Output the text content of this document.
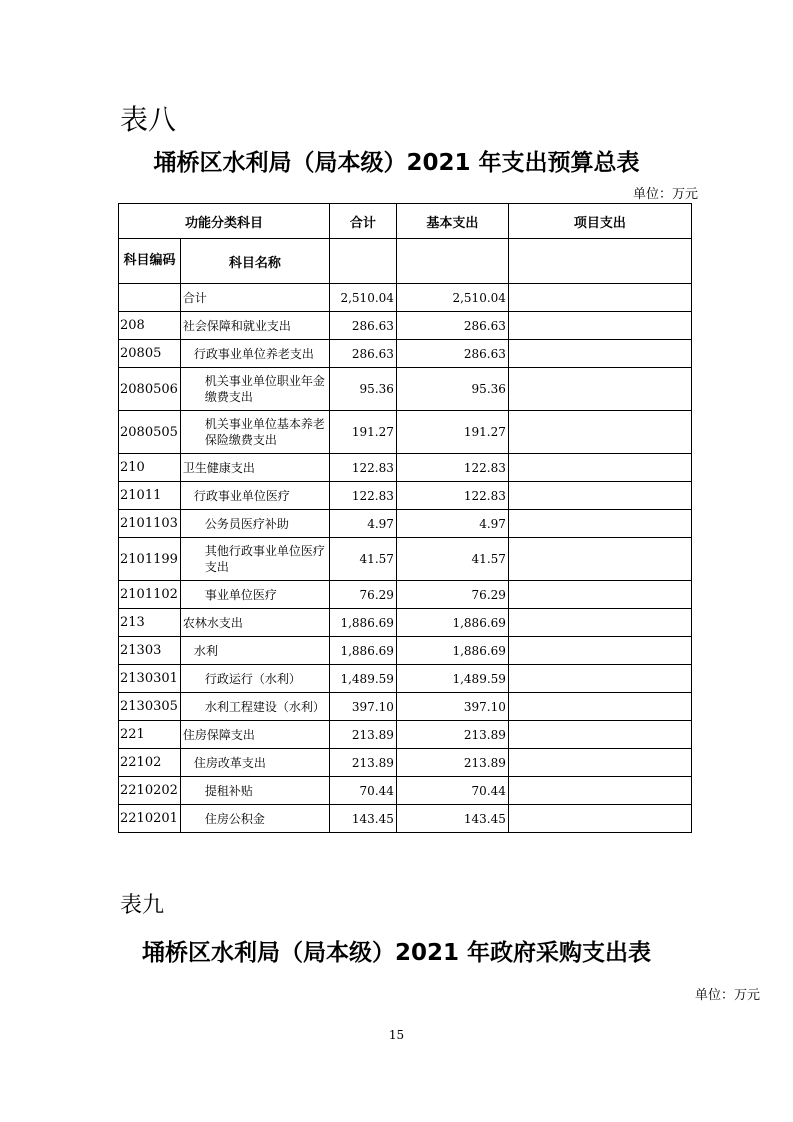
表八
埇桥区水利局（局本级）2021 年支出预算总表
单位：万元
功能分类科目		合计	基本支出	项目支出
科目编码	科目名称			
	合计	2,510.04	2,510.04	
208	社会保障和就业支出	286.63	286.63	
20805	行政事业单位养老支出	286.63	286.63	
2080506	机关事业单位职业年金缴费支出	95.36	95.36	
2080505	机关事业单位基本养老保险缴费支出	191.27	191.27	
210	卫生健康支出	122.83	122.83	
21011	行政事业单位医疗	122.83	122.83	
2101103	公务员医疗补助	4.97	4.97	
2101199	其他行政事业单位医疗支出	41.57	41.57	
2101102	事业单位医疗	76.29	76.29	
213	农林水支出	1,886.69	1,886.69	
21303	水利	1,886.69	1,886.69	
2130301	行政运行（水利）	1,489.59	1,489.59	
2130305	水利工程建设（水利）	397.10	397.10	
221	住房保障支出	213.89	213.89	
22102	住房改革支出	213.89	213.89	
2210202	提租补贴	70.44	70.44	
2210201	住房公积金	143.45	143.45	
表九
埇桥区水利局（局本级）2021 年政府采购支出表
单位：万元
15
